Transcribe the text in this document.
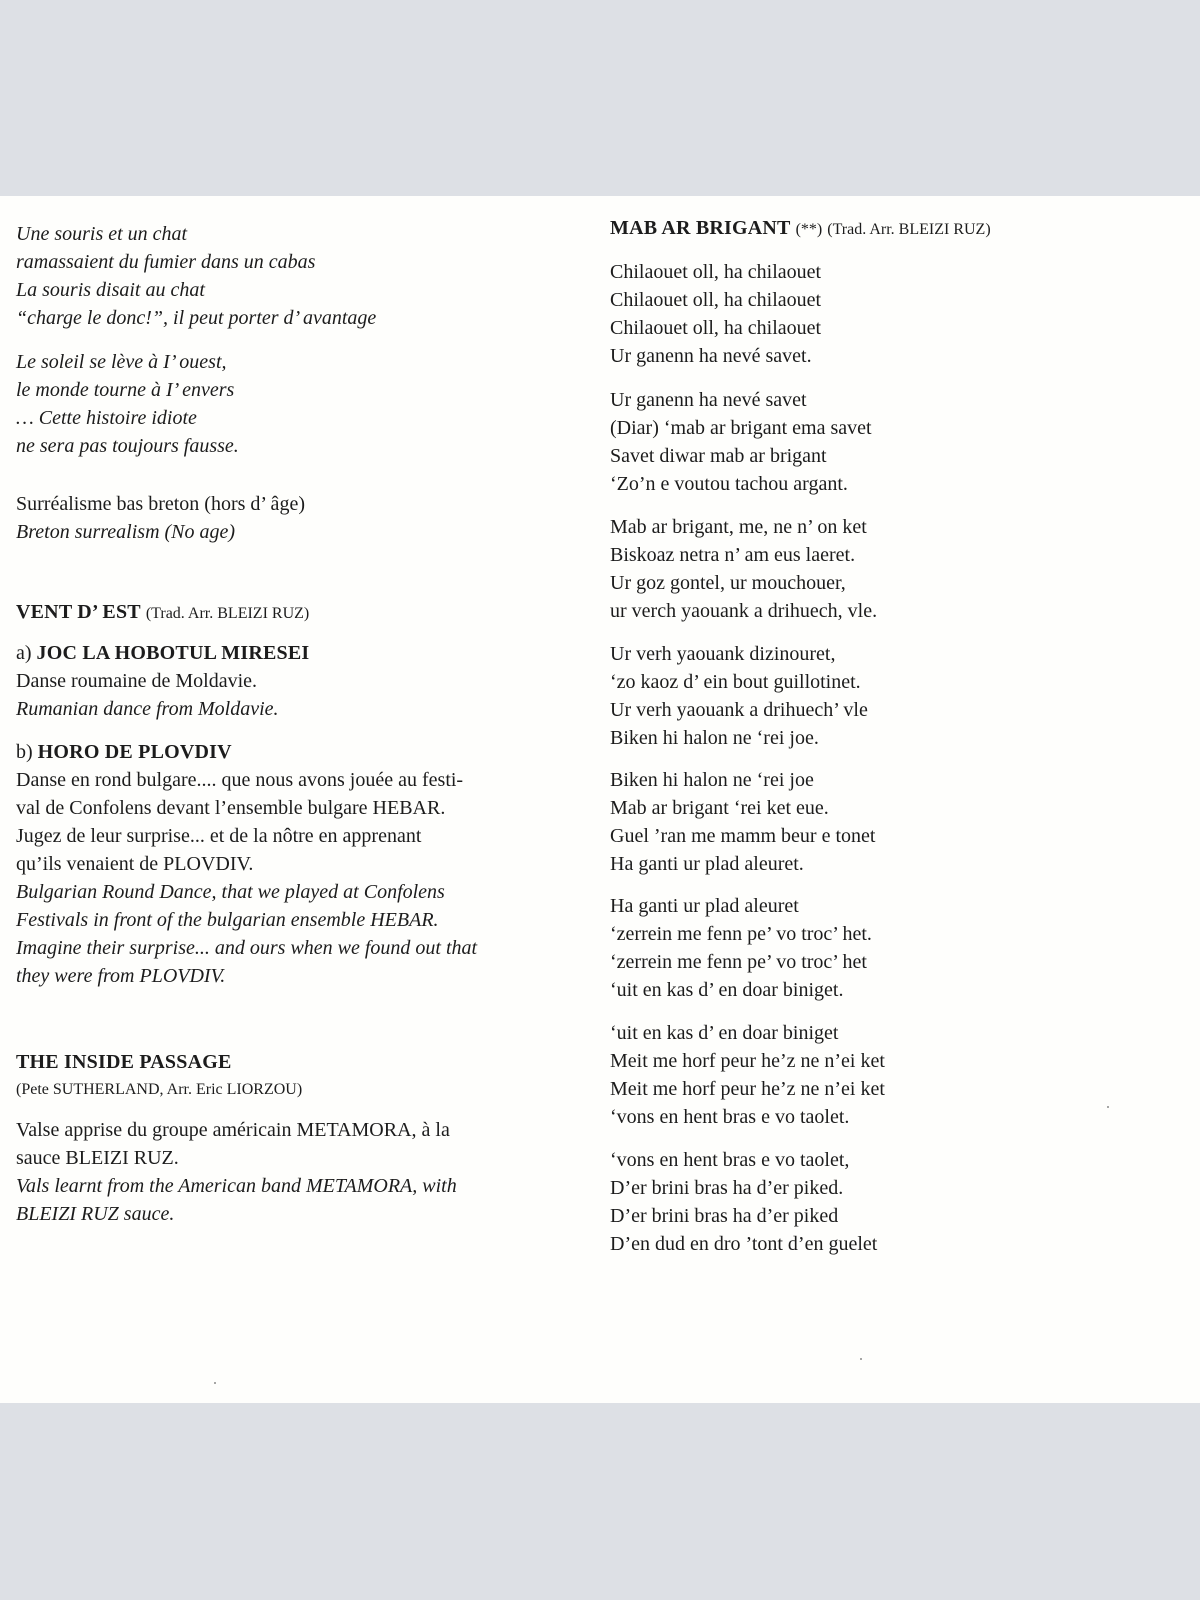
Une souris et un chat
ramassaient du fumier dans un cabas
La souris disait au chat
“charge le donc!”, il peut porter d’ avantage
Le soleil se lève à I’ ouest,
le monde tourne à I’ envers
… Cette histoire idiote
ne sera pas toujours fausse.
Surréalisme bas breton (hors d’ âge)
Breton surrealism (No age)
VENT D’ EST (Trad. Arr. BLEIZI RUZ)
a) JOC LA HOBOTUL MIRESEI
Danse roumaine de Moldavie.
Rumanian dance from Moldavie.
b) HORO DE PLOVDIV
Danse en rond bulgare.... que nous avons jouée au festi-
val de Confolens devant l’ensemble bulgare HEBAR.
Jugez de leur surprise... et de la nôtre en apprenant
qu’ils venaient de PLOVDIV.
Bulgarian Round Dance, that we played at Confolens
Festivals in front of the bulgarian ensemble HEBAR.
Imagine their surprise... and ours when we found out that
they were from PLOVDIV.
THE INSIDE PASSAGE
(Pete SUTHERLAND, Arr. Eric LIORZOU)
Valse apprise du groupe américain METAMORA, à la
sauce BLEIZI RUZ.
Vals learnt from the American band METAMORA, with
BLEIZI RUZ sauce.
MAB AR BRIGANT (**) (Trad. Arr. BLEIZI RUZ)
Chilaouet oll, ha chilaouet
Chilaouet oll, ha chilaouet
Chilaouet oll, ha chilaouet
Ur ganenn ha nevé savet.
Ur ganenn ha nevé savet
(Diar) ‘mab ar brigant ema savet
Savet diwar mab ar brigant
‘Zo’n e voutou tachou argant.
Mab ar brigant, me, ne n’ on ket
Biskoaz netra n’ am eus laeret.
Ur goz gontel, ur mouchouer,
ur verch yaouank a drihuech, vle.
Ur verh yaouank dizinouret,
‘zo kaoz d’ ein bout guillotinet.
Ur verh yaouank a drihuech’ vle
Biken hi halon ne ‘rei joe.
Biken hi halon ne ‘rei joe
Mab ar brigant ‘rei ket eue.
Guel ’ran me mamm beur e tonet
Ha ganti ur plad aleuret.
Ha ganti ur plad aleuret
‘zerrein me fenn pe’ vo troc’ het.
‘zerrein me fenn pe’ vo troc’ het
‘uit en kas d’ en doar biniget.
‘uit en kas d’ en doar biniget
Meit me horf peur he’z ne n’ei ket
Meit me horf peur he’z ne n’ei ket
‘vons en hent bras e vo taolet.
‘vons en hent bras e vo taolet,
D’er brini bras ha d’er piked.
D’er brini bras ha d’er piked
D’en dud en dro ’tont d’en guelet
